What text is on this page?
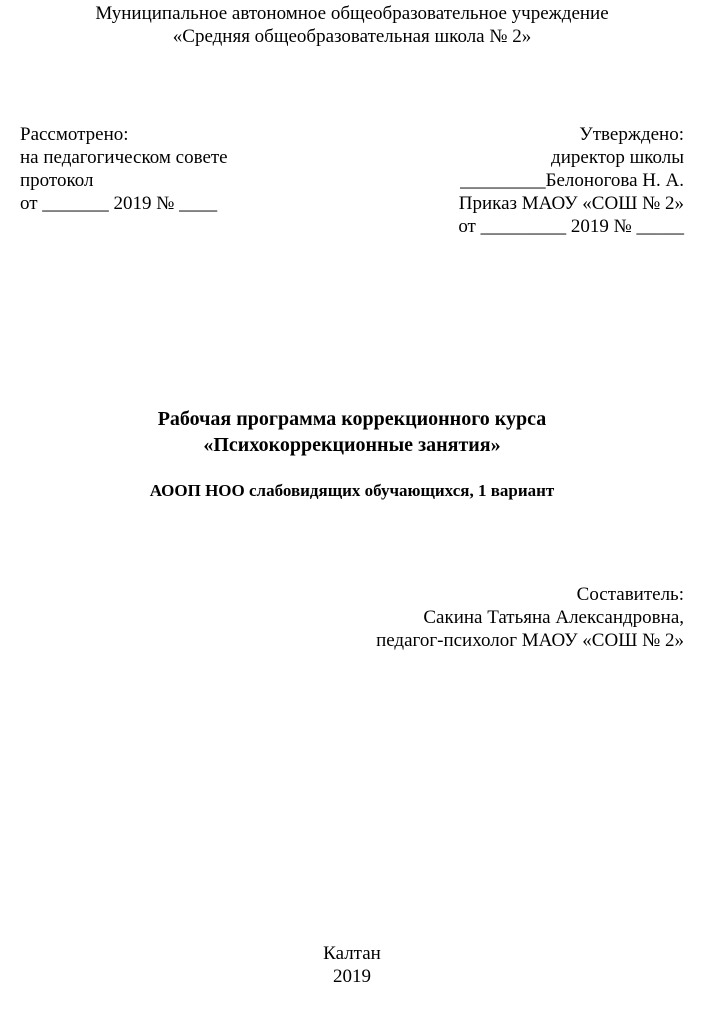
Муниципальное автономное общеобразовательное учреждение
«Средняя общеобразовательная школа № 2»
Рассмотрено:
на педагогическом совете
протокол
от _______ 2019 № ____
Утверждено:
директор школы
_________Белоногова Н. А.
Приказ МАОУ «СОШ № 2»
от _________ 2019 № _____
Рабочая программа коррекционного курса
«Психокоррекционные занятия»
АООП НОО слабовидящих обучающихся, 1 вариант
Составитель:
Сакина Татьяна Александровна,
педагог-психолог МАОУ «СОШ № 2»
Калтан
2019
